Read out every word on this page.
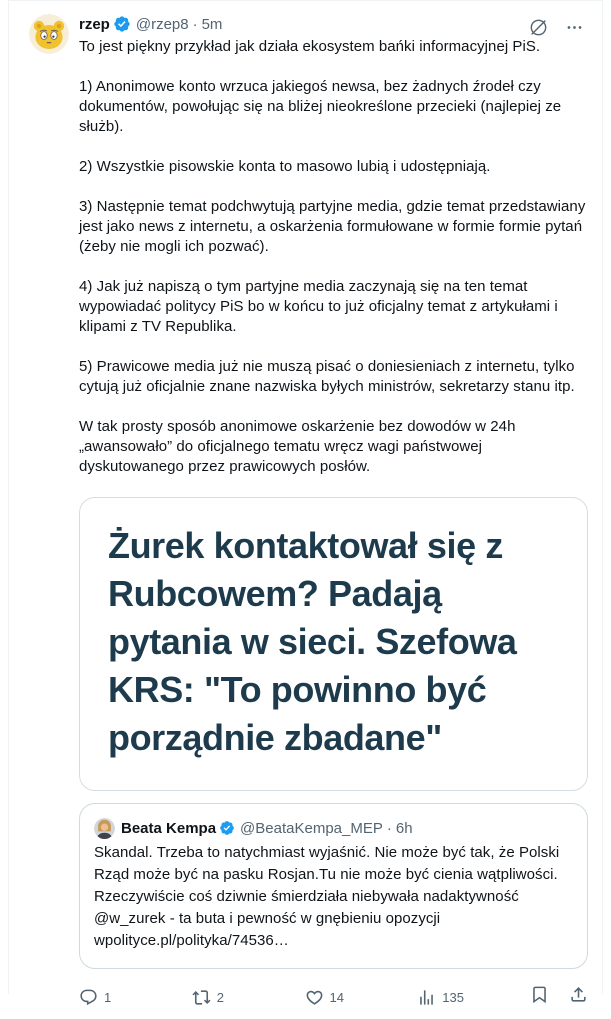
rzep @rzep8 · 5m

To jest piękny przykład jak działa ekosystem bańki informacyjnej PiS.

1) Anonimowe konto wrzuca jakiegoś newsa, bez żadnych źrodeł czy dokumentów, powołując się na bliżej nieokreślone przecieki (najlepiej ze służb).

2) Wszystkie pisowskie konta to masowo lubią i udostępniają.

3) Następnie temat podchwytują partyjne media, gdzie temat przedstawiany jest jako news z internetu, a oskarżenia formułowane w formie formie pytań (żeby nie mogli ich pozwać).

4) Jak już napiszą o tym partyjne media zaczynają się na ten temat wypowiadać politycy PiS bo w końcu to już oficjalny temat z artykułami i klipami z TV Republika.

5) Prawicowe media już nie muszą pisać o doniesieniach z internetu, tylko cytują już oficjalnie znane nazwiska byłych ministrów, sekretarzy stanu itp.

W tak prosty sposób anonimowe oskarżenie bez dowodów w 24h „awansowało” do oficjalnego tematu wręcz wagi państwowej dyskutowanego przez prawicowych posłów.

Żurek kontaktował się z Rubcowem? Padają pytania w sieci. Szefowa KRS: "To powinno być porządnie zbadane"
Beata Kempa @BeataKempa_MEP · 6h
Skandal. Trzeba to natychmiast wyjaśnić. Nie może być tak, że Polski Rząd może być na pasku Rosjan.Tu nie może być cienia wątpliwości. Rzeczywiście coś dziwnie śmierdziała niebywała nadaktywność @w_zurek - ta buta i pewność w gnębieniu opozycji wpolityce.pl/polityka/74536…
1	2	14	135
